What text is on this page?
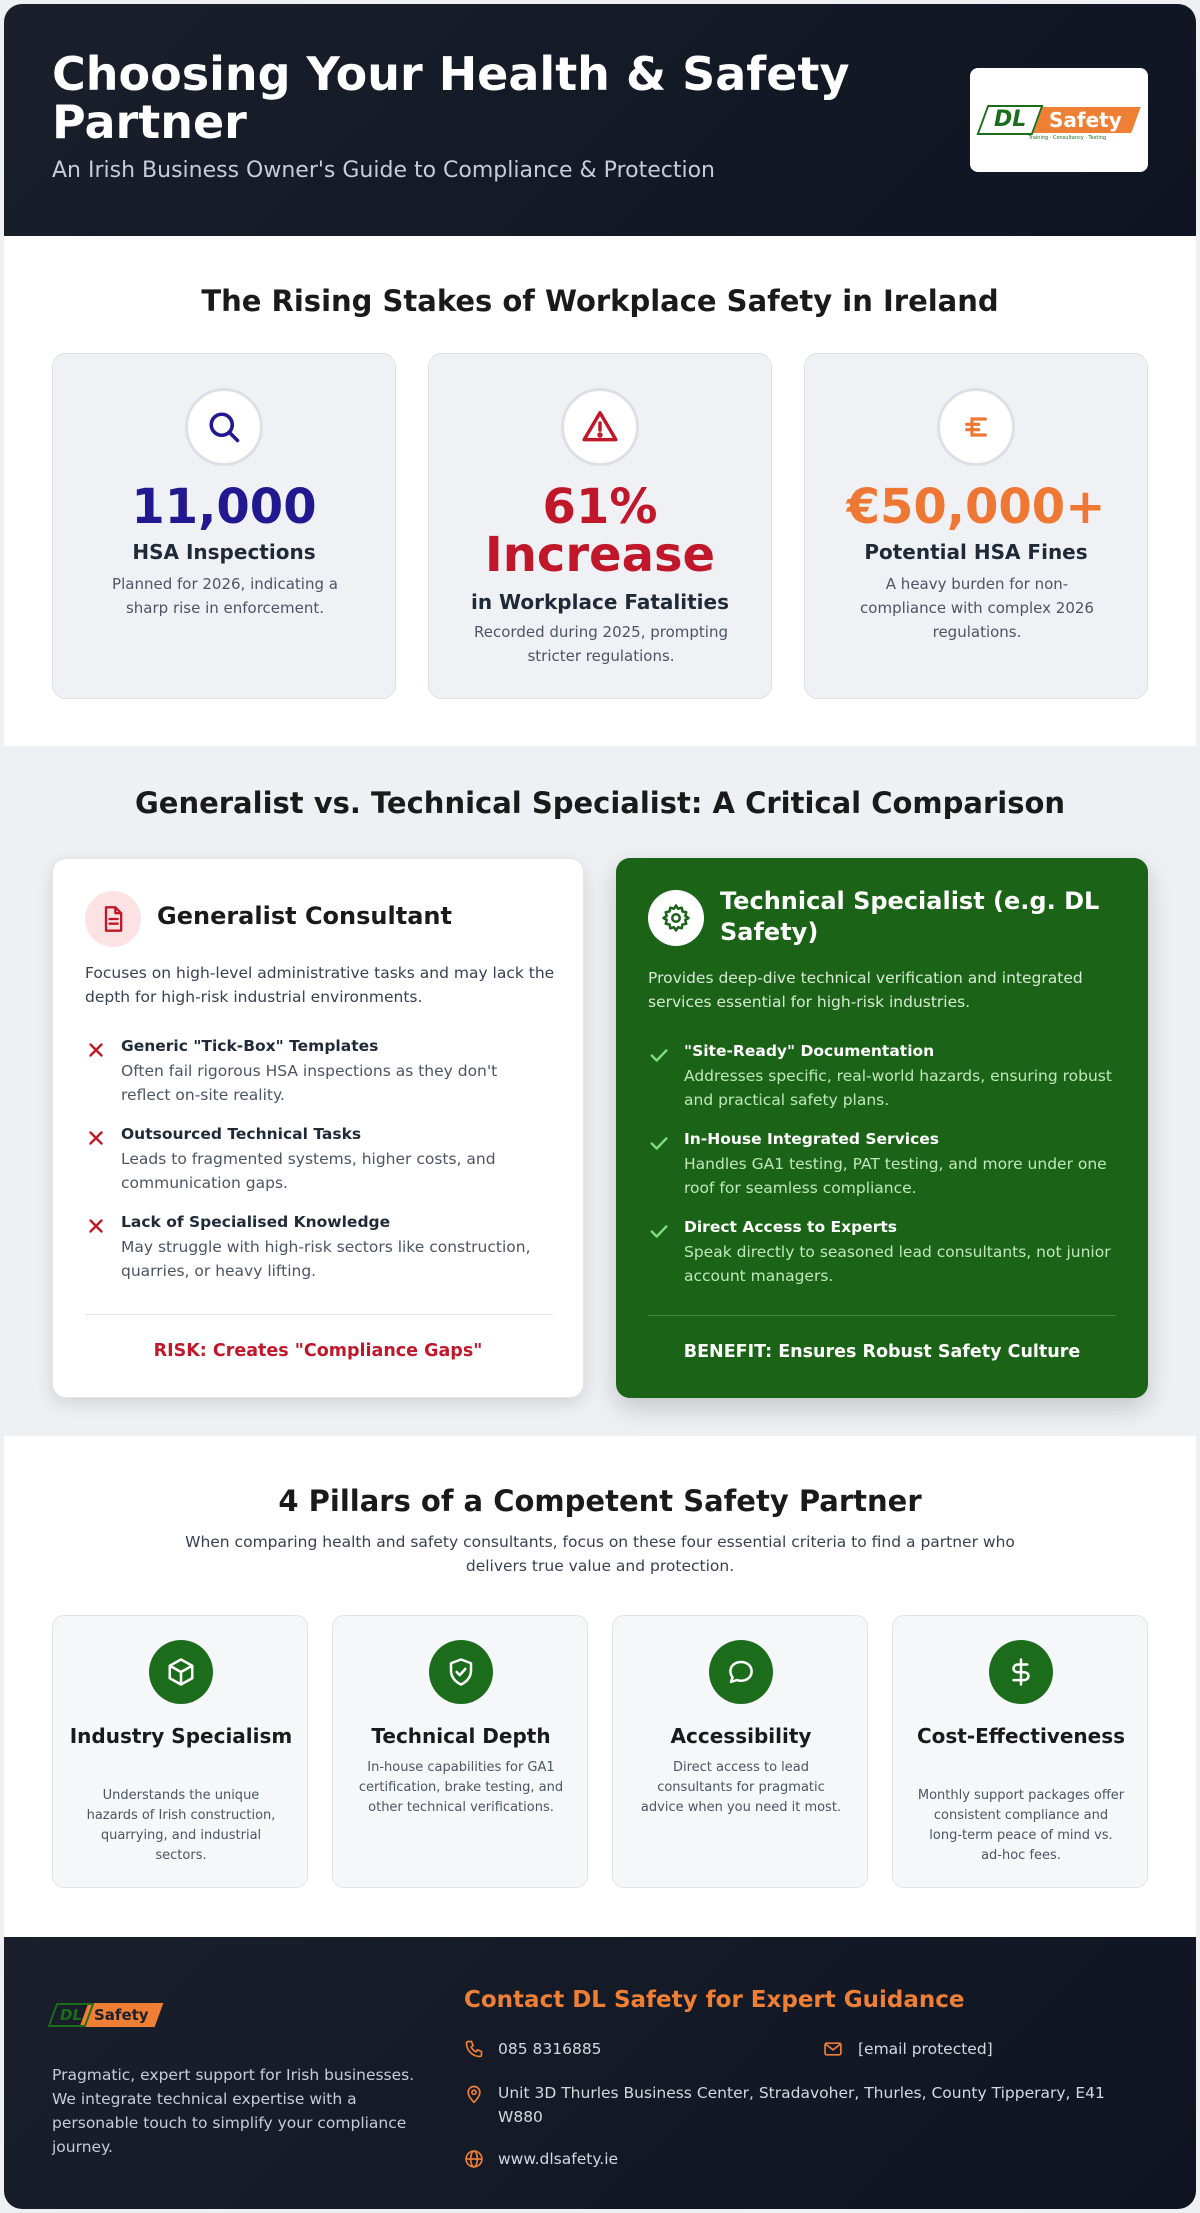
Choosing Your Health & Safety Partner
An Irish Business Owner's Guide to Compliance & Protection
DL	Safety
Training · Consultancy · Testing
The Rising Stakes of Workplace Safety in Ireland
11,000
HSA Inspections
Planned for 2026, indicating a sharp rise in enforcement.
61%
Increase
in Workplace Fatalities
Recorded during 2025, prompting stricter regulations.
€50,000+
Potential HSA Fines
A heavy burden for non-compliance with complex 2026 regulations.
Generalist vs. Technical Specialist: A Critical Comparison
Generalist Consultant
Focuses on high-level administrative tasks and may lack the depth for high-risk industrial environments.
Generic "Tick-Box" Templates
Often fail rigorous HSA inspections as they don't reflect on-site reality.
Outsourced Technical Tasks
Leads to fragmented systems, higher costs, and communication gaps.
Lack of Specialised Knowledge
May struggle with high-risk sectors like construction, quarries, or heavy lifting.
RISK: Creates "Compliance Gaps"
Technical Specialist (e.g. DL Safety)
Provides deep-dive technical verification and integrated services essential for high-risk industries.
"Site-Ready" Documentation
Addresses specific, real-world hazards, ensuring robust and practical safety plans.
In-House Integrated Services
Handles GA1 testing, PAT testing, and more under one roof for seamless compliance.
Direct Access to Experts
Speak directly to seasoned lead consultants, not junior account managers.
BENEFIT: Ensures Robust Safety Culture
4 Pillars of a Competent Safety Partner
When comparing health and safety consultants, focus on these four essential criteria to find a partner who delivers true value and protection.
Industry Specialism
Understands the unique hazards of Irish construction, quarrying, and industrial sectors.
Technical Depth
In-house capabilities for GA1 certification, brake testing, and other technical verifications.
Accessibility
Direct access to lead consultants for pragmatic advice when you need it most.
Cost-Effectiveness
Monthly support packages offer consistent compliance and long-term peace of mind vs. ad-hoc fees.
DL Safety
Pragmatic, expert support for Irish businesses. We integrate technical expertise with a personable touch to simplify your compliance journey.
Contact DL Safety for Expert Guidance
085 8316885	[email protected]
Unit 3D Thurles Business Center, Stradavoher, Thurles, County Tipperary, E41 W880
www.dlsafety.ie
